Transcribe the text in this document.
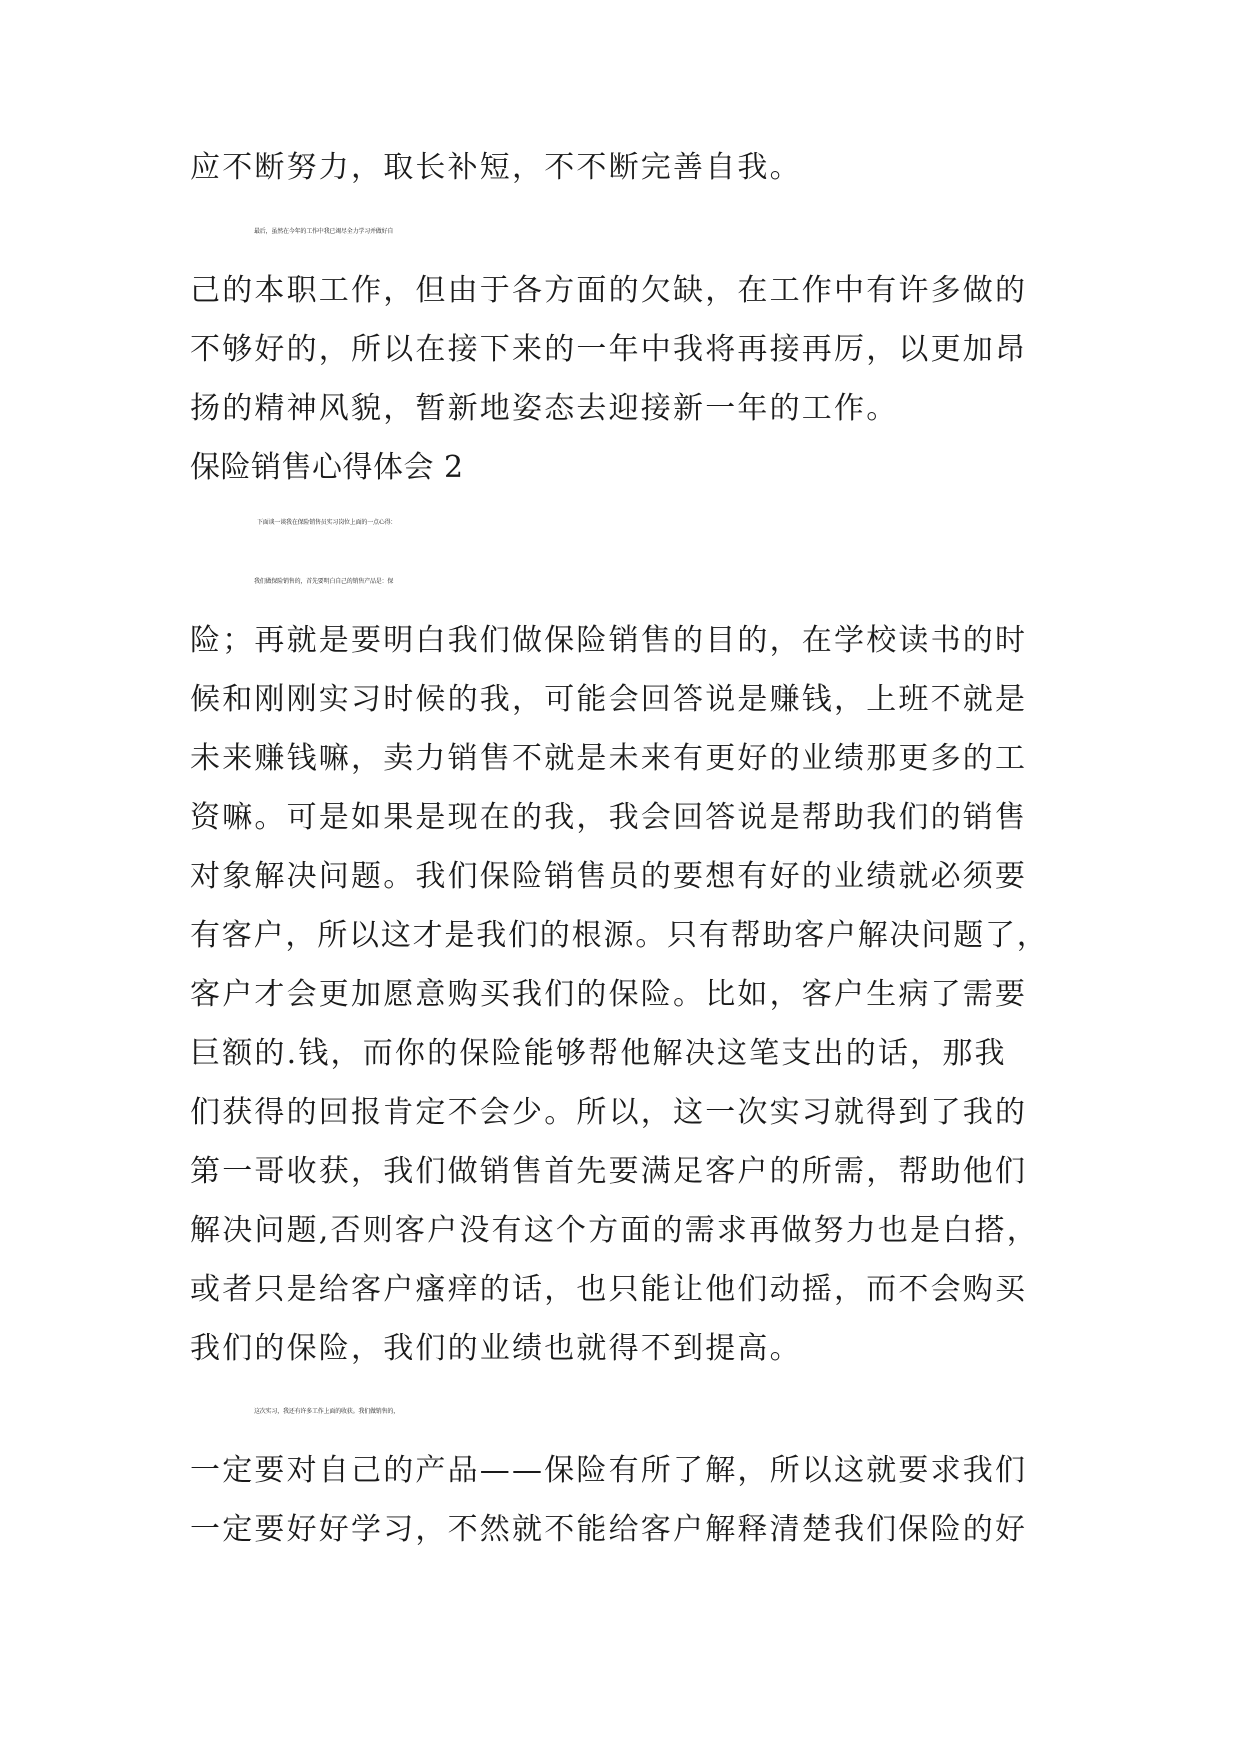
应不断努力，取长补短，不不断完善自我。
最后，虽然在今年的工作中我已竭尽全力学习并做好自
己的本职工作，但由于各方面的欠缺，在工作中有许多做的
不够好的，所以在接下来的一年中我将再接再厉，以更加昂
扬的精神风貌，暂新地姿态去迎接新一年的工作。
保险销售心得体会 2
下面谈一谈我在保险销售员实习岗位上面的一点心得：
我们做保险销售的，首先要明白自己的销售产品是：保
险；再就是要明白我们做保险销售的目的，在学校读书的时
候和刚刚实习时候的我，可能会回答说是赚钱，上班不就是
未来赚钱嘛，卖力销售不就是未来有更好的业绩那更多的工
资嘛。可是如果是现在的我，我会回答说是帮助我们的销售
对象解决问题。我们保险销售员的要想有好的业绩就必须要
有客户，所以这才是我们的根源。只有帮助客户解决问题了，
客户才会更加愿意购买我们的保险。比如，客户生病了需要
巨额的.钱，而你的保险能够帮他解决这笔支出的话，那我
们获得的回报肯定不会少。所以，这一次实习就得到了我的
第一哥收获，我们做销售首先要满足客户的所需，帮助他们
解决问题,否则客户没有这个方面的需求再做努力也是白搭，
或者只是给客户瘙痒的话，也只能让他们动摇，而不会购买
我们的保险，我们的业绩也就得不到提高。
这次实习，我还有许多工作上面的收获。我们做销售的，
一定要对自己的产品——保险有所了解，所以这就要求我们
一定要好好学习，不然就不能给客户解释清楚我们保险的好
